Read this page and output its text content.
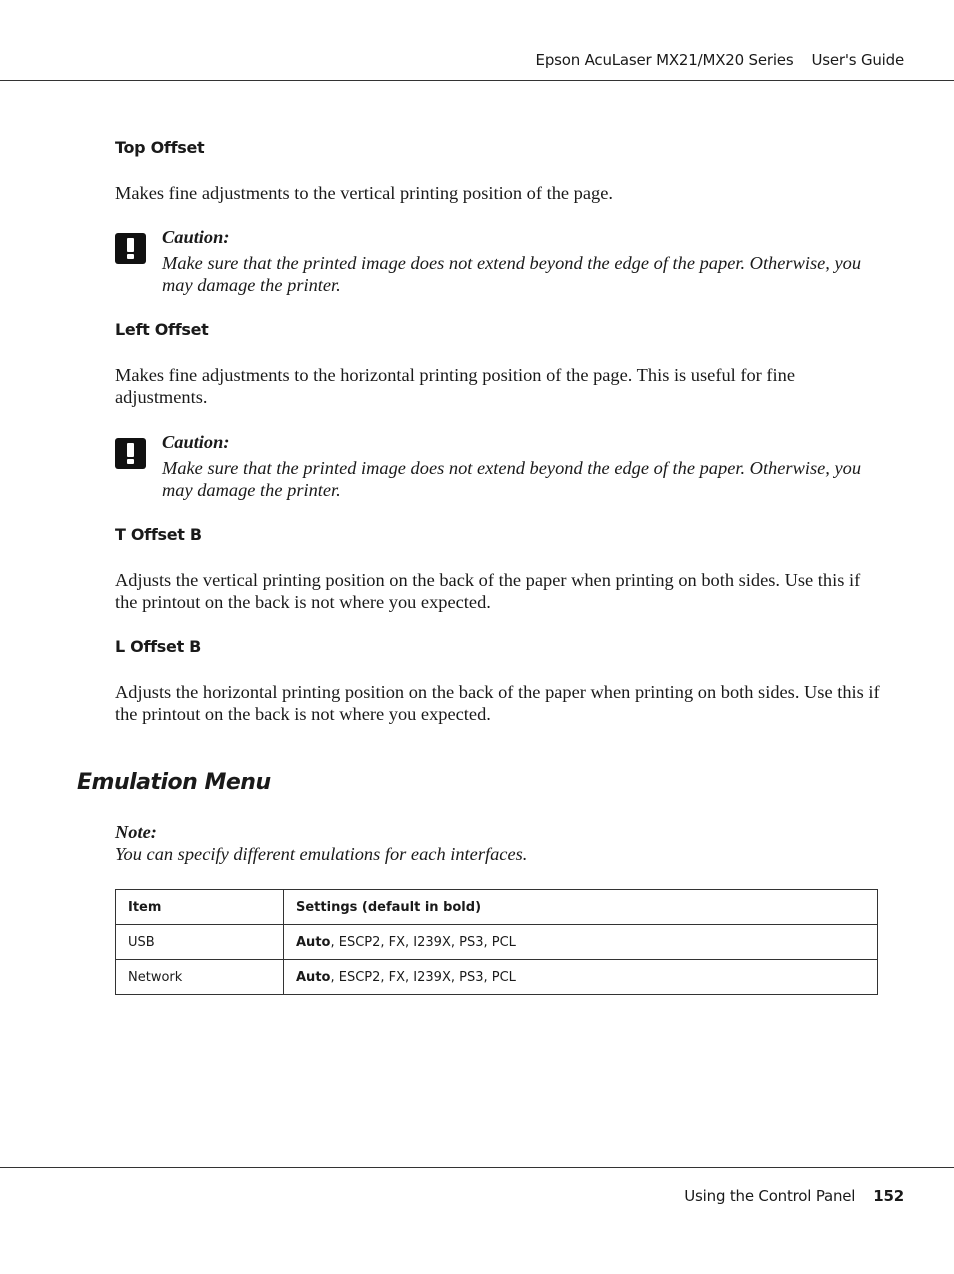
Epson AcuLaser MX21/MX20 Series User's Guide
Top Offset

Makes fine adjustments to the vertical printing position of the page.

Caution:

Make sure that the printed image does not extend beyond the edge of the paper. Otherwise, you may damage the printer.

Left Offset

Makes fine adjustments to the horizontal printing position of the page. This is useful for fine adjustments.

Caution:

Make sure that the printed image does not extend beyond the edge of the paper. Otherwise, you may damage the printer.

T Offset B

Adjusts the vertical printing position on the back of the paper when printing on both sides. Use this if the printout on the back is not where you expected.

L Offset B

Adjusts the horizontal printing position on the back of the paper when printing on both sides. Use this if the printout on the back is not where you expected.

Emulation Menu

Note:

You can specify different emulations for each interfaces.

Item	Settings (default in bold)
USB	Auto, ESCP2, FX, I239X, PS3, PCL
Network	Auto, ESCP2, FX, I239X, PS3, PCL
Using the Control Panel 152
